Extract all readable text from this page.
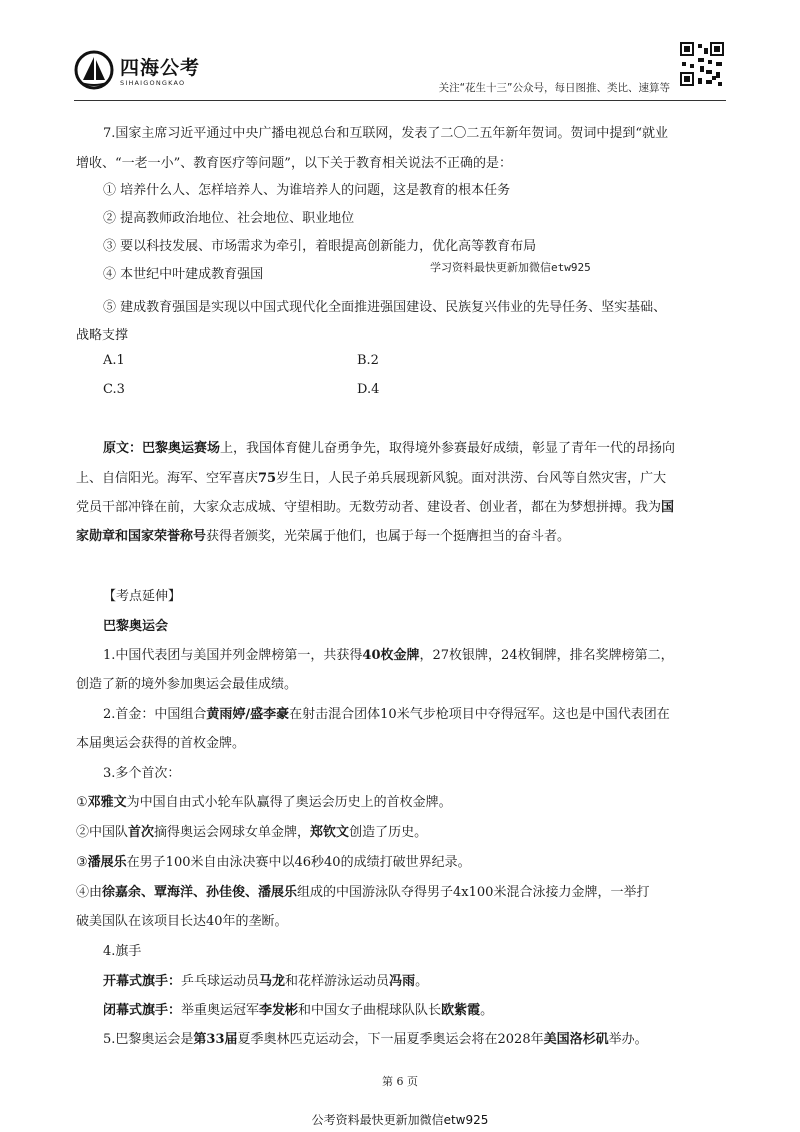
四海公考
SIHAIGONGKAO	关注“花生十三”公众号，每日图推、类比、速算等
学习资料最快更新加微信etw925
7.国家主席习近平通过中央广播电视总台和互联网，发表了二〇二五年新年贺词。贺词中提到“就业
增收、“一老一小”、教育医疗等问题”，以下关于教育相关说法不正确的是：
① 培养什么人、怎样培养人、为谁培养人的问题，这是教育的根本任务
② 提高教师政治地位、社会地位、职业地位
③ 要以科技发展、市场需求为牵引，着眼提高创新能力，优化高等教育布局
④ 本世纪中叶建成教育强国
⑤ 建成教育强国是实现以中国式现代化全面推进强国建设、民族复兴伟业的先导任务、坚实基础、
战略支撑
A.1	B.2
C.3	D.4
原文：巴黎奥运赛场上，我国体育健儿奋勇争先，取得境外参赛最好成绩，彰显了青年一代的昂扬向
上、自信阳光。海军、空军喜庆75岁生日，人民子弟兵展现新风貌。面对洪涝、台风等自然灾害，广大
党员干部冲锋在前，大家众志成城、守望相助。无数劳动者、建设者、创业者，都在为梦想拼搏。我为国
家勋章和国家荣誉称号获得者颁奖，光荣属于他们，也属于每一个挺膺担当的奋斗者。
【考点延伸】
巴黎奥运会
1.中国代表团与美国并列金牌榜第一，共获得40枚金牌，27枚银牌，24枚铜牌，排名奖牌榜第二，
创造了新的境外参加奥运会最佳成绩。
2.首金：中国组合黄雨婷/盛李豪在射击混合团体10米气步枪项目中夺得冠军。这也是中国代表团在
本届奥运会获得的首枚金牌。
3.多个首次：
①邓雅文为中国自由式小轮车队赢得了奥运会历史上的首枚金牌。
②中国队首次摘得奥运会网球女单金牌，郑钦文创造了历史。
③潘展乐在男子100米自由泳决赛中以46秒40的成绩打破世界纪录。
④由徐嘉余、覃海洋、孙佳俊、潘展乐组成的中国游泳队夺得男子4x100米混合泳接力金牌，一举打
破美国队在该项目长达40年的垄断。
4.旗手
开幕式旗手：乒乓球运动员马龙和花样游泳运动员冯雨。
闭幕式旗手：举重奥运冠军李发彬和中国女子曲棍球队队长欧紫霞。
5.巴黎奥运会是第33届夏季奥林匹克运动会，下一届夏季奥运会将在2028年美国洛杉矶举办。
第 6 页
公考资料最快更新加微信etw925
